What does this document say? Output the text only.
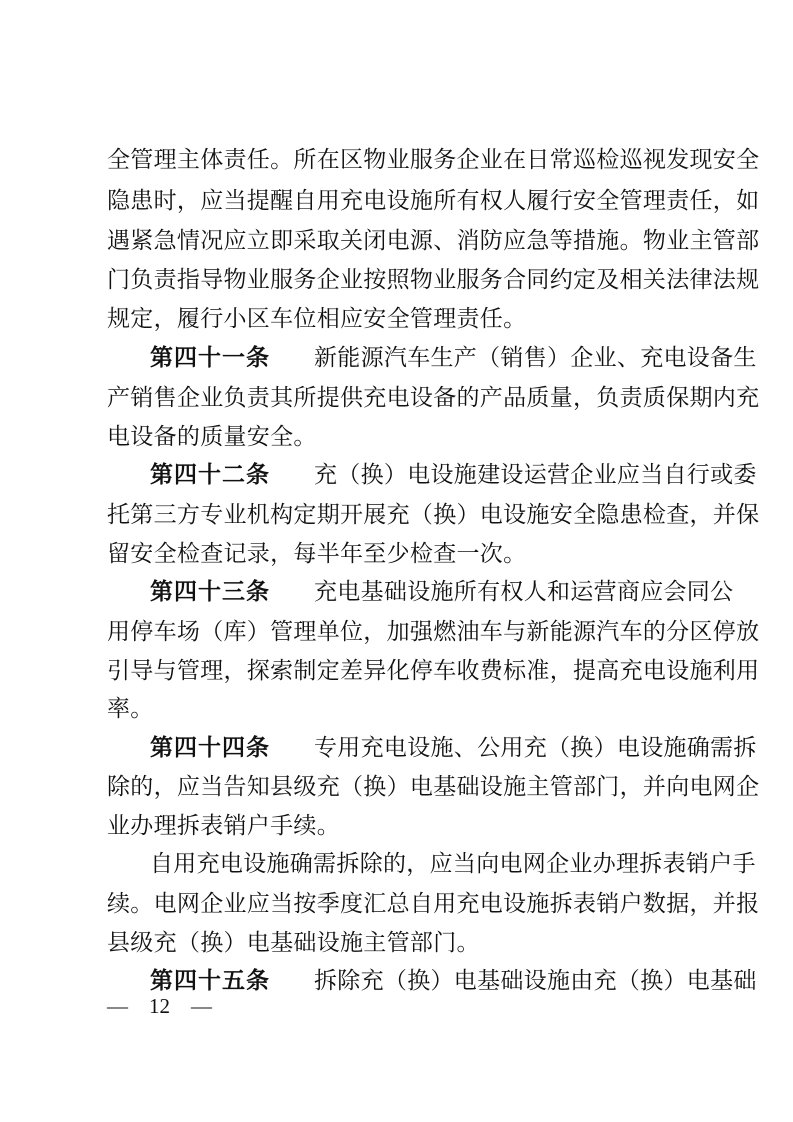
全管理主体责任。所在区物业服务企业在日常巡检巡视发现安全
隐患时，应当提醒自用充电设施所有权人履行安全管理责任，如
遇紧急情况应立即采取关闭电源、消防应急等措施。物业主管部
门负责指导物业服务企业按照物业服务合同约定及相关法律法规
规定，履行小区车位相应安全管理责任。
第四十一条 新能源汽车生产（销售）企业、充电设备生
产销售企业负责其所提供充电设备的产品质量，负责质保期内充
电设备的质量安全。
第四十二条 充（换）电设施建设运营企业应当自行或委
托第三方专业机构定期开展充（换）电设施安全隐患检查，并保
留安全检查记录，每半年至少检查一次。
第四十三条 充电基础设施所有权人和运营商应会同公
用停车场（库）管理单位，加强燃油车与新能源汽车的分区停放
引导与管理，探索制定差异化停车收费标准，提高充电设施利用
率。
第四十四条 专用充电设施、公用充（换）电设施确需拆
除的，应当告知县级充（换）电基础设施主管部门，并向电网企
业办理拆表销户手续。
自用充电设施确需拆除的，应当向电网企业办理拆表销户手
续。电网企业应当按季度汇总自用充电设施拆表销户数据，并报
县级充（换）电基础设施主管部门。
第四十五条 拆除充（换）电基础设施由充（换）电基础
—　12　—
